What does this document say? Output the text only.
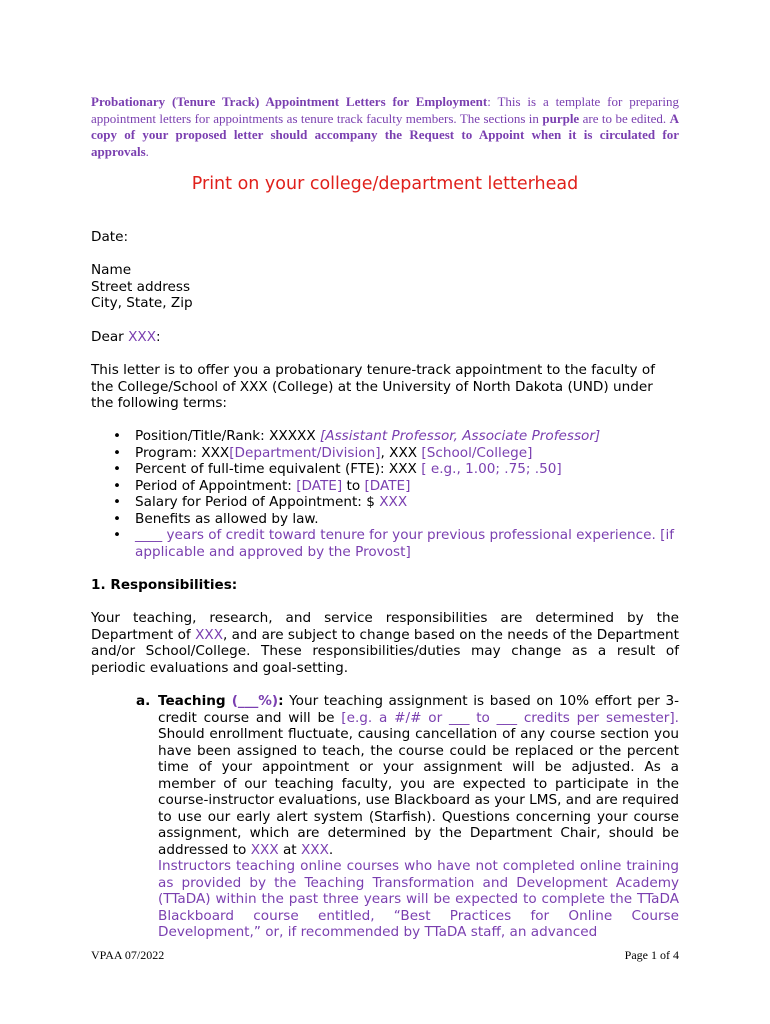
Probationary (Tenure Track) Appointment Letters for Employment: This is a template for preparing appointment letters for appointments as tenure track faculty members. The sections in purple are to be edited. A copy of your proposed letter should accompany the Request to Appoint when it is circulated for approvals.
Print on your college/department letterhead
Date:
Name
Street address
City, State, Zip
Dear XXX:
This letter is to offer you a probationary tenure-track appointment to the faculty of the College/School of XXX (College) at the University of North Dakota (UND) under the following terms:
• Position/Title/Rank: XXXXX [Assistant Professor, Associate Professor]
• Program: XXX[Department/Division], XXX [School/College]
• Percent of full-time equivalent (FTE): XXX [ e.g., 1.00; .75; .50]
• Period of Appointment: [DATE] to [DATE]
• Salary for Period of Appointment: $ XXX
• Benefits as allowed by law.
• ____ years of credit toward tenure for your previous professional experience. [if applicable and approved by the Provost]
1. Responsibilities:
Your teaching, research, and service responsibilities are determined by the Department of XXX, and are subject to change based on the needs of the Department and/or School/College. These responsibilities/duties may change as a result of periodic evaluations and goal-setting.
a. Teaching (___%): Your teaching assignment is based on 10% effort per 3-credit course and will be [e.g. a #/# or ___ to ___ credits per semester]. Should enrollment fluctuate, causing cancellation of any course section you have been assigned to teach, the course could be replaced or the percent time of your appointment or your assignment will be adjusted. As a member of our teaching faculty, you are expected to participate in the course-instructor evaluations, use Blackboard as your LMS, and are required to use our early alert system (Starfish). Questions concerning your course assignment, which are determined by the Department Chair, should be addressed to XXX at XXX.
Instructors teaching online courses who have not completed online training as provided by the Teaching Transformation and Development Academy (TTaDA) within the past three years will be expected to complete the TTaDA Blackboard course entitled, “Best Practices for Online Course Development,” or, if recommended by TTaDA staff, an advanced
VPAA 07/2022	Page 1 of 4
